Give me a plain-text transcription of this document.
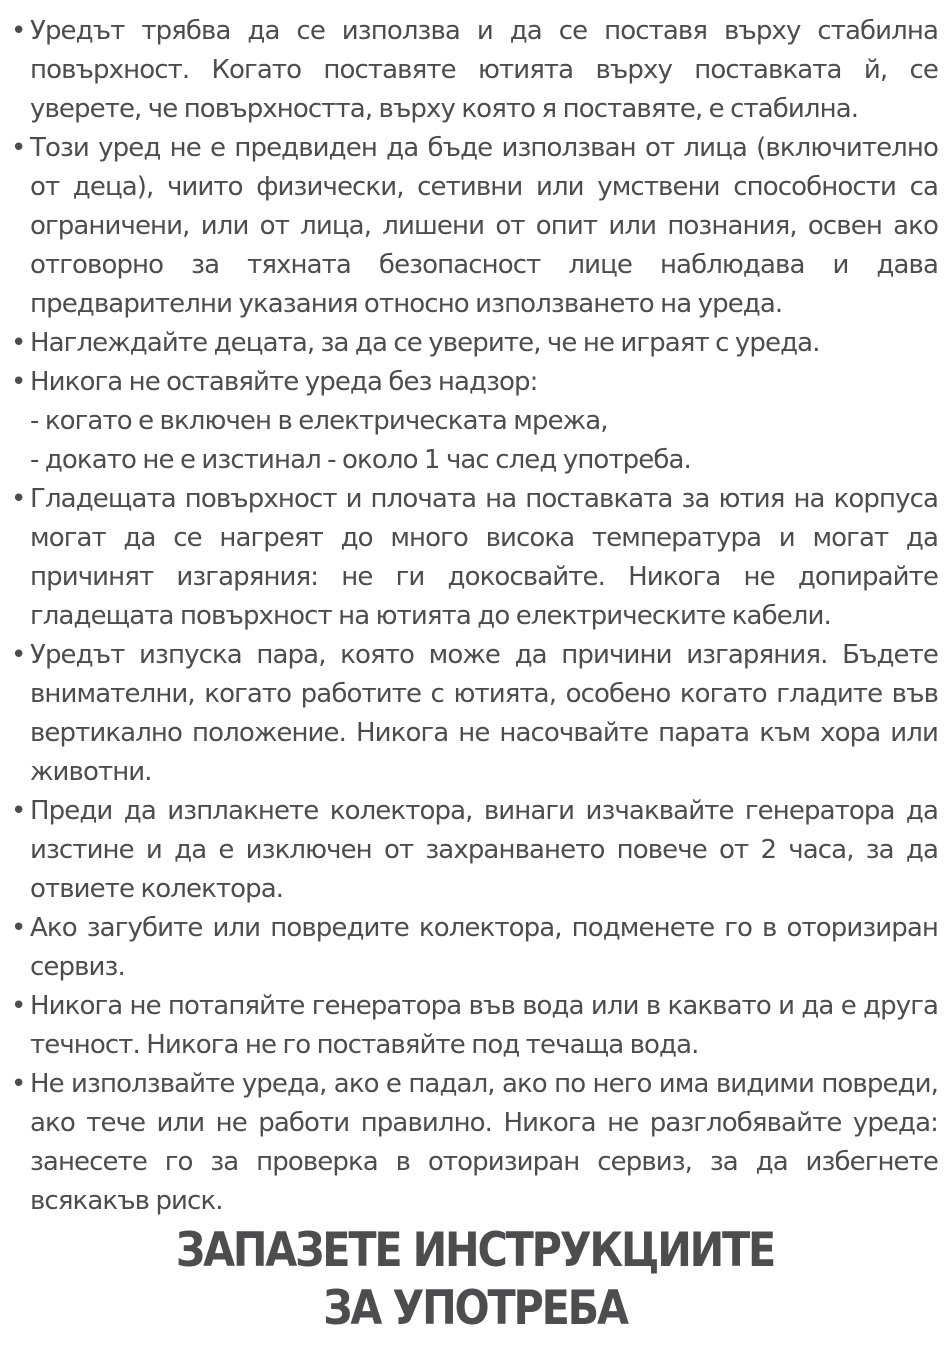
• Уредът трябва да се използва и да се поставя върху стабилна повърхност. Когато поставяте ютията върху поставката й, се уверете, че повърхността, върху която я поставяте, е стабилна.
• Този уред не е предвиден да бъде използван от лица (включително от деца), чиито физически, сетивни или умствени способности са ограничени, или от лица, лишени от опит или познания, освен ако отговорно за тяхната безопасност лице наблюдава и дава предварителни указания относно използването на уреда.
• Наглеждайте децата, за да се уверите, че не играят с уреда.
• Никога не оставяйте уреда без надзор:
- когато е включен в електрическата мрежа,
- докато не е изстинал - около 1 час след употреба.
• Гладещата повърхност и плочата на поставката за ютия на корпуса могат да се нагреят до много висока температура и могат да причинят изгаряния: не ги докосвайте. Никога не допирайте гладещата повърхност на ютията до електрическите кабели.
• Уредът изпуска пара, която може да причини изгаряния. Бъдете внимателни, когато работите с ютията, особено когато гладите във вертикално положение. Никога не насочвайте парата към хора или животни.
• Преди да изплакнете колектора, винаги изчаквайте генератора да изстине и да е изключен от захранването повече от 2 часа, за да отвиете колектора.
• Ако загубите или повредите колектора, подменете го в оторизиран сервиз.
• Никога не потапяйте генератора във вода или в каквато и да е друга течност. Никога не го поставяйте под течаща вода.
• Не използвайте уреда, ако е падал, ако по него има видими повреди, ако тече или не работи правилно. Никога не разглобявайте уреда: занесете го за проверка в оторизиран сервиз, за да избегнете всякакъв риск.
ЗАПАЗЕТЕ ИНСТРУКЦИИТЕ
ЗА УПОТРЕБА
